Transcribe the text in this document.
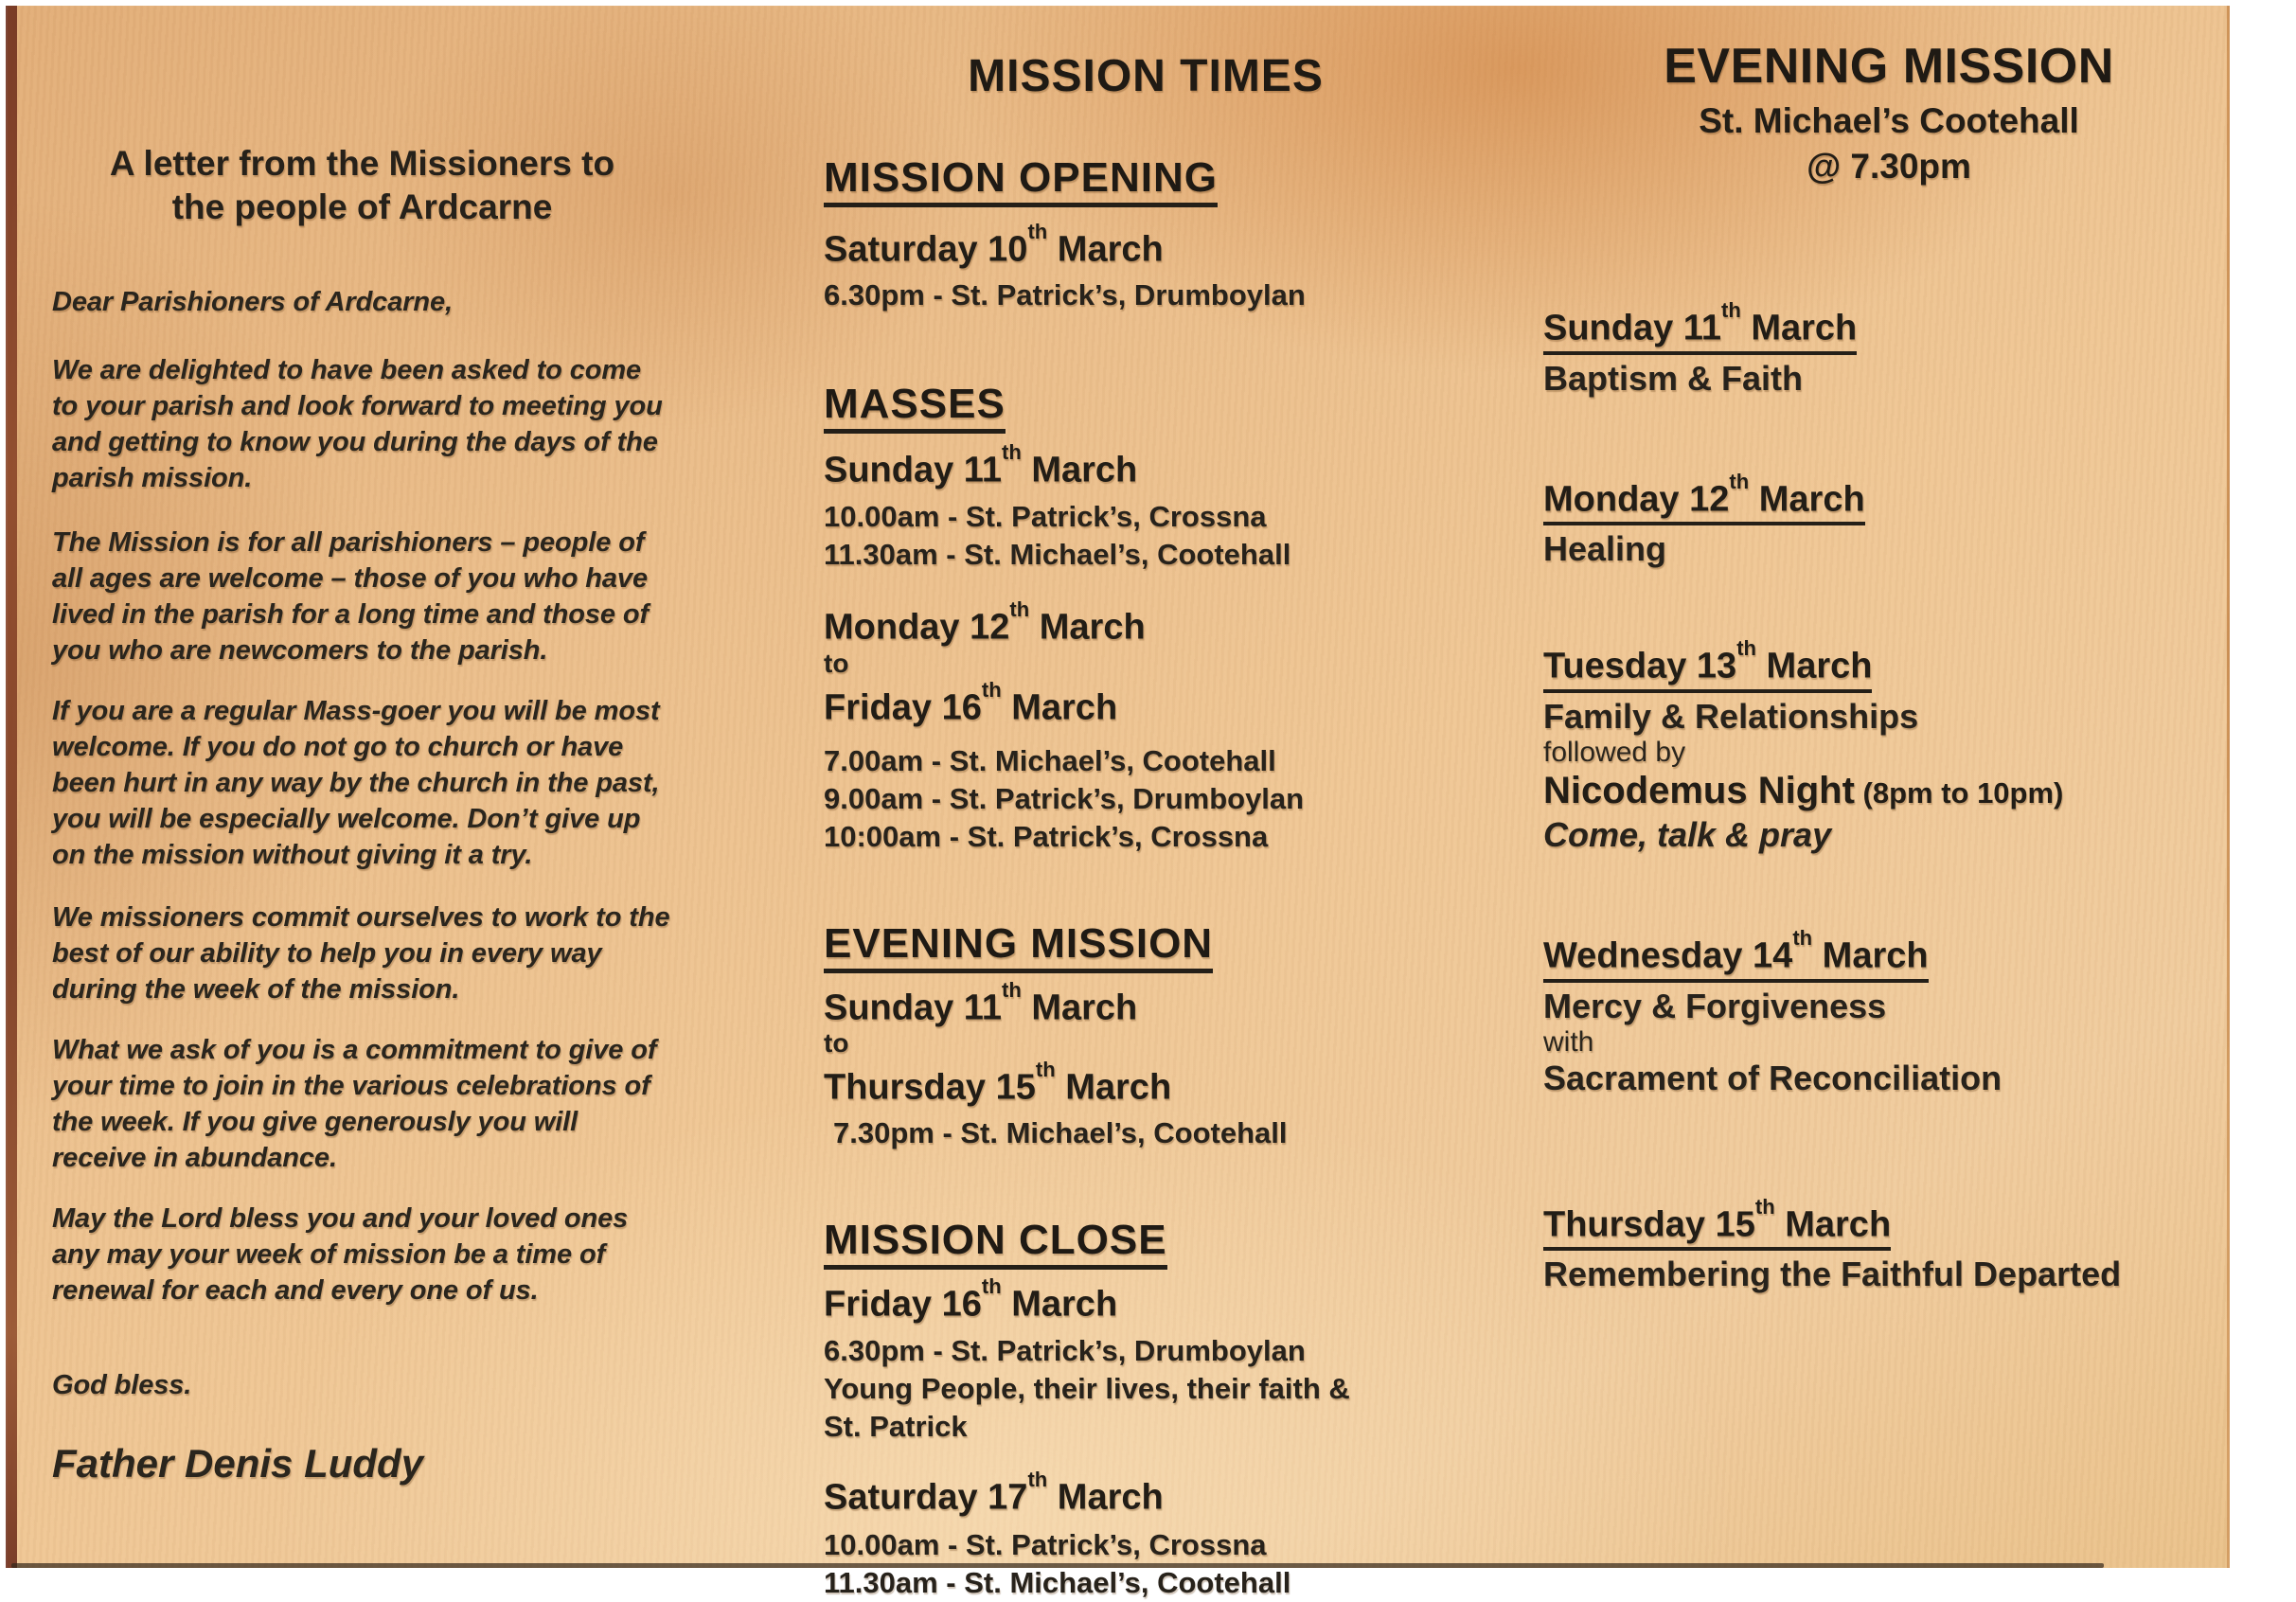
A letter from the Missioners to
the people of Ardcarne

Dear Parishioners of Ardcarne,

We are delighted to have been asked to come to your parish and look forward to meeting you and getting to know you during the days of the parish mission.

The Mission is for all parishioners – people of all ages are welcome – those of you who have lived in the parish for a long time and those of you who are newcomers to the parish.

If you are a regular Mass-goer you will be most welcome. If you do not go to church or have been hurt in any way by the church in the past, you will be especially welcome. Don’t give up on the mission without giving it a try.

We missioners commit ourselves to work to the best of our ability to help you in every way during the week of the mission.

What we ask of you is a commitment to give of your time to join in the various celebrations of the week. If you give generously you will receive in abundance.

May the Lord bless you and your loved ones any may your week of mission be a time of renewal for each and every one of us.

God bless.

Father Denis Luddy

MISSION TIMES
MISSION OPENING

Saturday 10th March

6.30pm - St. Patrick’s, Drumboylan

MASSES

Sunday 11th March

10.00am - St. Patrick’s, Crossna

11.30am - St. Michael’s, Cootehall

Monday 12th March

to

Friday 16th March

7.00am - St. Michael’s, Cootehall

9.00am - St. Patrick’s, Drumboylan

10:00am - St. Patrick’s, Crossna

EVENING MISSION

Sunday 11th March

to

Thursday 15th March

7.30pm - St. Michael’s, Cootehall

MISSION CLOSE

Friday 16th March

6.30pm - St. Patrick’s, Drumboylan

Young People, their lives, their faith &

St. Patrick

Saturday 17th March

10.00am - St. Patrick’s, Crossna

11.30am - St. Michael’s, Cootehall

EVENING MISSION

St. Michael’s Cootehall

@ 7.30pm

Sunday 11th March

Baptism & Faith

Monday 12th March

Healing

Tuesday 13th March

Family & Relationships

followed by

Nicodemus Night (8pm to 10pm)

Come, talk & pray

Wednesday 14th March

Mercy & Forgiveness

with

Sacrament of Reconciliation

Thursday 15th March

Remembering the Faithful Departed
